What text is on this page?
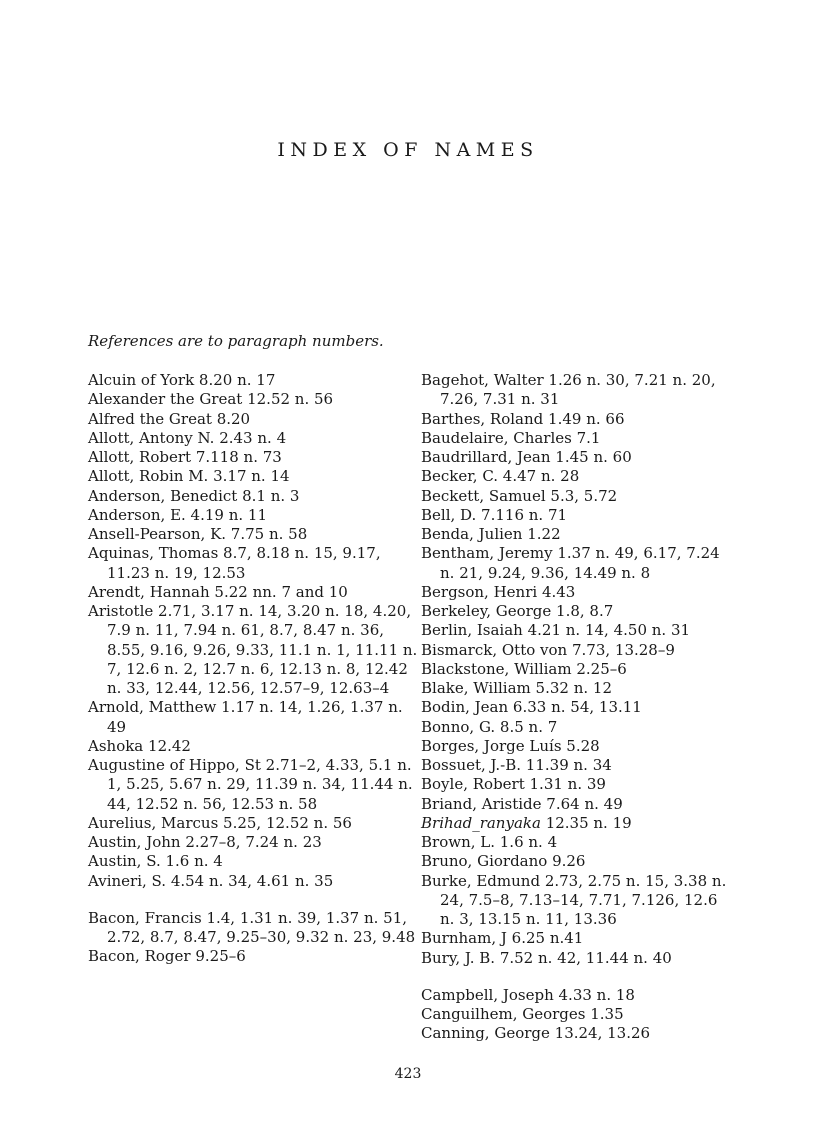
INDEX OF NAMES
References are to paragraph numbers.
Alcuin of York 8.20 n. 17
Alexander the Great 12.52 n. 56
Alfred the Great 8.20
Allott, Antony N. 2.43 n. 4
Allott, Robert 7.118 n. 73
Allott, Robin M. 3.17 n. 14
Anderson, Benedict 8.1 n. 3
Anderson, E. 4.19 n. 11
Ansell-Pearson, K. 7.75 n. 58
Aquinas, Thomas 8.7, 8.18 n. 15, 9.17, 11.23 n. 19, 12.53
Arendt, Hannah 5.22 nn. 7 and 10
Aristotle 2.71, 3.17 n. 14, 3.20 n. 18, 4.20, 7.9 n. 11, 7.94 n. 61, 8.7, 8.47 n. 36, 8.55, 9.16, 9.26, 9.33, 11.1 n. 1, 11.11 n. 7, 12.6 n. 2, 12.7 n. 6, 12.13 n. 8, 12.42 n. 33, 12.44, 12.56, 12.57–9, 12.63–4
Arnold, Matthew 1.17 n. 14, 1.26, 1.37 n. 49
Ashoka 12.42
Augustine of Hippo, St 2.71–2, 4.33, 5.1 n. 1, 5.25, 5.67 n. 29, 11.39 n. 34, 11.44 n. 44, 12.52 n. 56, 12.53 n. 58
Aurelius, Marcus 5.25, 12.52 n. 56
Austin, John 2.27–8, 7.24 n. 23
Austin, S. 1.6 n. 4
Avineri, S. 4.54 n. 34, 4.61 n. 35
Bacon, Francis 1.4, 1.31 n. 39, 1.37 n. 51, 2.72, 8.7, 8.47, 9.25–30, 9.32 n. 23, 9.48
Bacon, Roger 9.25–6
Bagehot, Walter 1.26 n. 30, 7.21 n. 20, 7.26, 7.31 n. 31
Barthes, Roland 1.49 n. 66
Baudelaire, Charles 7.1
Baudrillard, Jean 1.45 n. 60
Becker, C. 4.47 n. 28
Beckett, Samuel 5.3, 5.72
Bell, D. 7.116 n. 71
Benda, Julien 1.22
Bentham, Jeremy 1.37 n. 49, 6.17, 7.24 n. 21, 9.24, 9.36, 14.49 n. 8
Bergson, Henri 4.43
Berkeley, George 1.8, 8.7
Berlin, Isaiah 4.21 n. 14, 4.50 n. 31
Bismarck, Otto von 7.73, 13.28–9
Blackstone, William 2.25–6
Blake, William 5.32 n. 12
Bodin, Jean 6.33 n. 54, 13.11
Bonno, G. 8.5 n. 7
Borges, Jorge Luís 5.28
Bossuet, J.-B. 11.39 n. 34
Boyle, Robert 1.31 n. 39
Briand, Aristide 7.64 n. 49
Brihad_ranyaka 12.35 n. 19
Brown, L. 1.6 n. 4
Bruno, Giordano 9.26
Burke, Edmund 2.73, 2.75 n. 15, 3.38 n. 24, 7.5–8, 7.13–14, 7.71, 7.126, 12.6 n. 3, 13.15 n. 11, 13.36
Burnham, J 6.25 n.41
Bury, J. B. 7.52 n. 42, 11.44 n. 40
Campbell, Joseph 4.33 n. 18
Canguilhem, Georges 1.35
Canning, George 13.24, 13.26
423
